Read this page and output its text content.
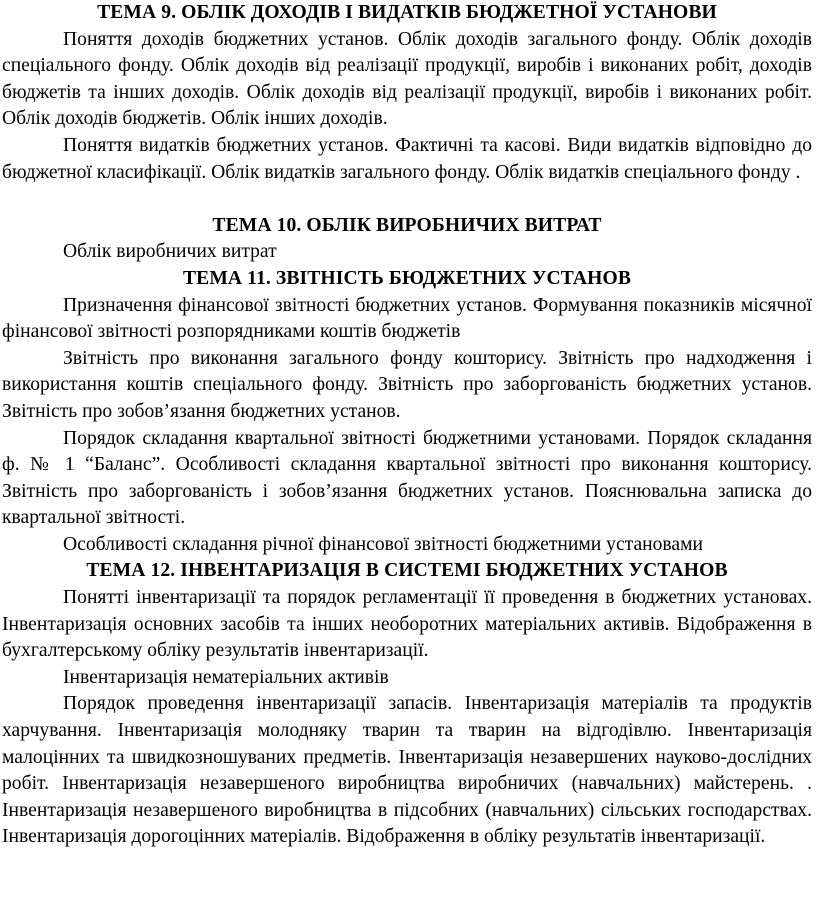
ТЕМА 9. ОБЛІК ДОХОДІВ І ВИДАТКІВ БЮДЖЕТНОЇ УСТАНОВИ

Поняття доходів бюджетних установ. Облік доходів загального фонду. Облік доходів спеціального фонду. Облік доходів від реалізації продукції, виробів і виконаних робіт, доходів бюджетів та інших доходів. Облік доходів від реалізації продукції, виробів і виконаних робіт. Облік доходів бюджетів. Облік інших доходів.

Поняття видатків бюджетних установ. Фактичні та касові. Види видатків відповідно до бюджетної класифікації. Облік видатків загального фонду. Облік видатків спеціального фонду .

ТЕМА 10. ОБЛІК ВИРОБНИЧИХ ВИТРАТ

Облік виробничих витрат

ТЕМА 11. ЗВІТНІСТЬ БЮДЖЕТНИХ УСТАНОВ

Призначення фінансової звітності бюджетних установ. Формування показників місячної фінансової звітності розпорядниками коштів бюджетів

Звітність про виконання загального фонду кошторису. Звітність про надходження і використання коштів спеціального фонду. Звітність про заборгованість бюджетних установ. Звітність про зобов’язання бюджетних установ.

Порядок складання квартальної звітності бюджетними установами. Порядок складання ф. № 1 “Баланс”. Особливості складання квартальної звітності про виконання кошторису. Звітність про заборгованість і зобов’язання бюджетних установ. Пояснювальна записка до квартальної звітності.

Особливості складання річної фінансової звітності бюджетними установами

ТЕМА 12. ІНВЕНТАРИЗАЦІЯ В СИСТЕМІ БЮДЖЕТНИХ УСТАНОВ

Понятті інвентаризації та порядок регламентації її проведення в бюджетних установах. Інвентаризація основних засобів та інших необоротних матеріальних активів. Відображення в бухгалтерському обліку результатів інвентаризації.

Інвентаризація нематеріальних активів

Порядок проведення інвентаризації запасів. Інвентаризація матеріалів та продуктів харчування. Інвентаризація молодняку тварин та тварин на відгодівлю. Інвентаризація малоцінних та швидкозношуваних предметів. Інвентаризація незавершених науково-дослідних робіт. Інвентаризація незавершеного виробництва виробничих (навчальних) майстерень. . Інвентаризація незавершеного виробництва в підсобних (навчальних) сільських господарствах. Інвентаризація дорогоцінних матеріалів. Відображення в обліку результатів інвентаризації.
